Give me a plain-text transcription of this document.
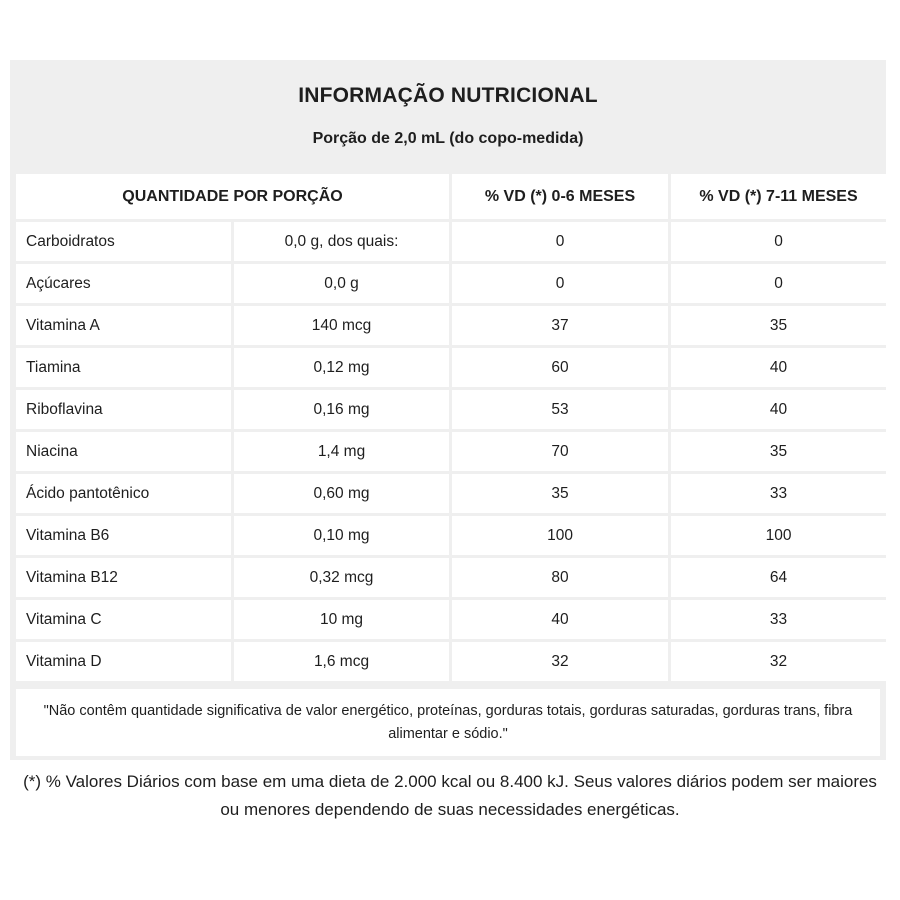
INFORMAÇÃO NUTRICIONAL
Porção de 2,0 mL (do copo-medida)
QUANTIDADE POR PORÇÃO		% VD (*) 0-6 MESES	% VD (*) 7-11 MESES
Carboidratos	0,0 g, dos quais:	0	0
Açúcares	0,0 g	0	0
Vitamina A	140 mcg	37	35
Tiamina	0,12 mg	60	40
Riboflavina	0,16 mg	53	40
Niacina	1,4 mg	70	35
Ácido pantotênico	0,60 mg	35	33
Vitamina B6	0,10 mg	100	100
Vitamina B12	0,32 mcg	80	64
Vitamina C	10 mg	40	33
Vitamina D	1,6 mcg	32	32
"Não contêm quantidade significativa de valor energético, proteínas, gorduras totais, gorduras saturadas, gorduras trans, fibra alimentar e sódio."
(*) % Valores Diários com base em uma dieta de 2.000 kcal ou 8.400 kJ. Seus valores diários podem ser maiores ou menores dependendo de suas necessidades energéticas.
